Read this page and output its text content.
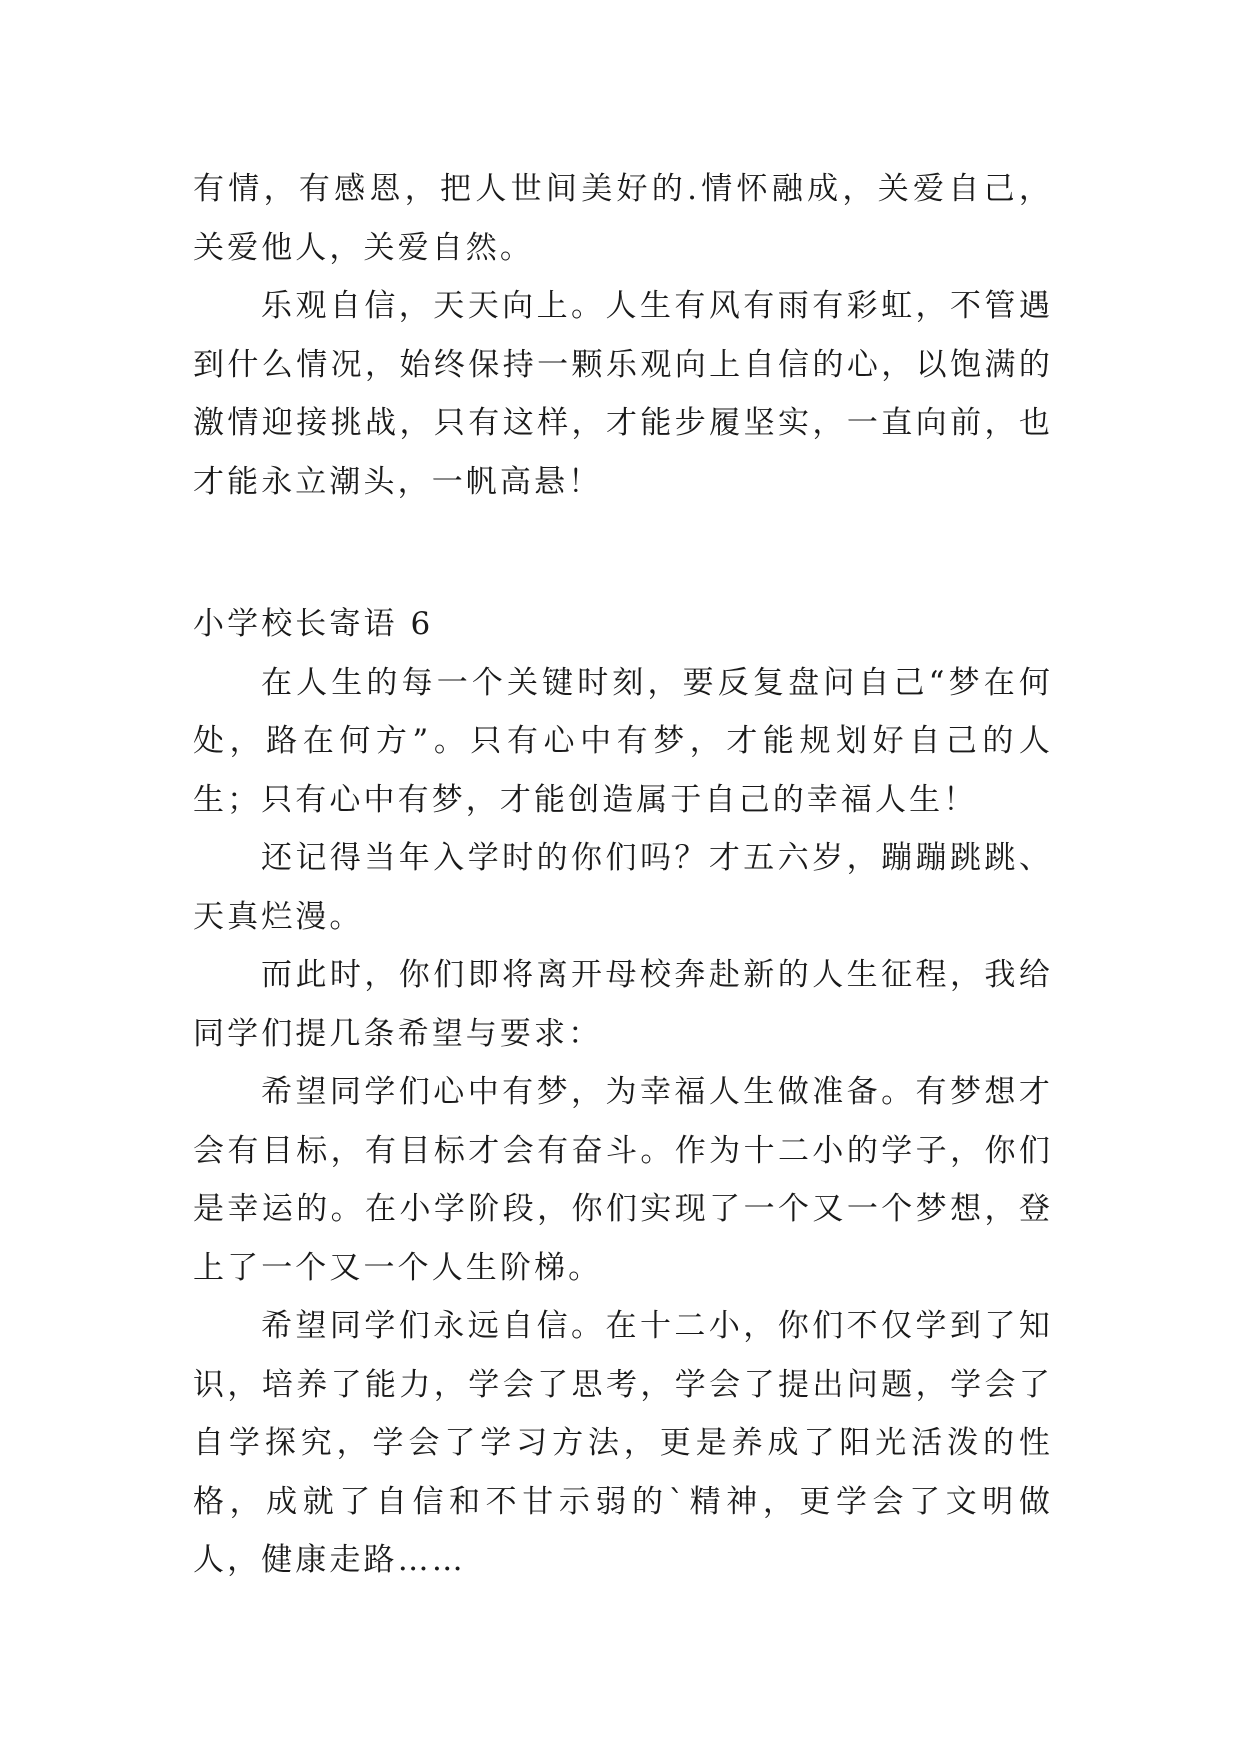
有情，有感恩，把人世间美好的.情怀融成，关爱自己，关爱他人，关爱自然。

乐观自信，天天向上。人生有风有雨有彩虹，不管遇到什么情况，始终保持一颗乐观向上自信的心，以饱满的激情迎接挑战，只有这样，才能步履坚实，一直向前，也才能永立潮头，一帆高悬！

小学校长寄语 6

在人生的每一个关键时刻，要反复盘问自己“梦在何处，路在何方”。只有心中有梦，才能规划好自己的人生；只有心中有梦，才能创造属于自己的幸福人生！

还记得当年入学时的你们吗？才五六岁，蹦蹦跳跳、天真烂漫。

而此时，你们即将离开母校奔赴新的人生征程，我给同学们提几条希望与要求：

希望同学们心中有梦，为幸福人生做准备。有梦想才会有目标，有目标才会有奋斗。作为十二小的学子，你们是幸运的。在小学阶段，你们实现了一个又一个梦想，登上了一个又一个人生阶梯。

希望同学们永远自信。在十二小，你们不仅学到了知识，培养了能力，学会了思考，学会了提出问题，学会了自学探究，学会了学习方法，更是养成了阳光活泼的性格，成就了自信和不甘示弱的`精神，更学会了文明做人，健康走路……
